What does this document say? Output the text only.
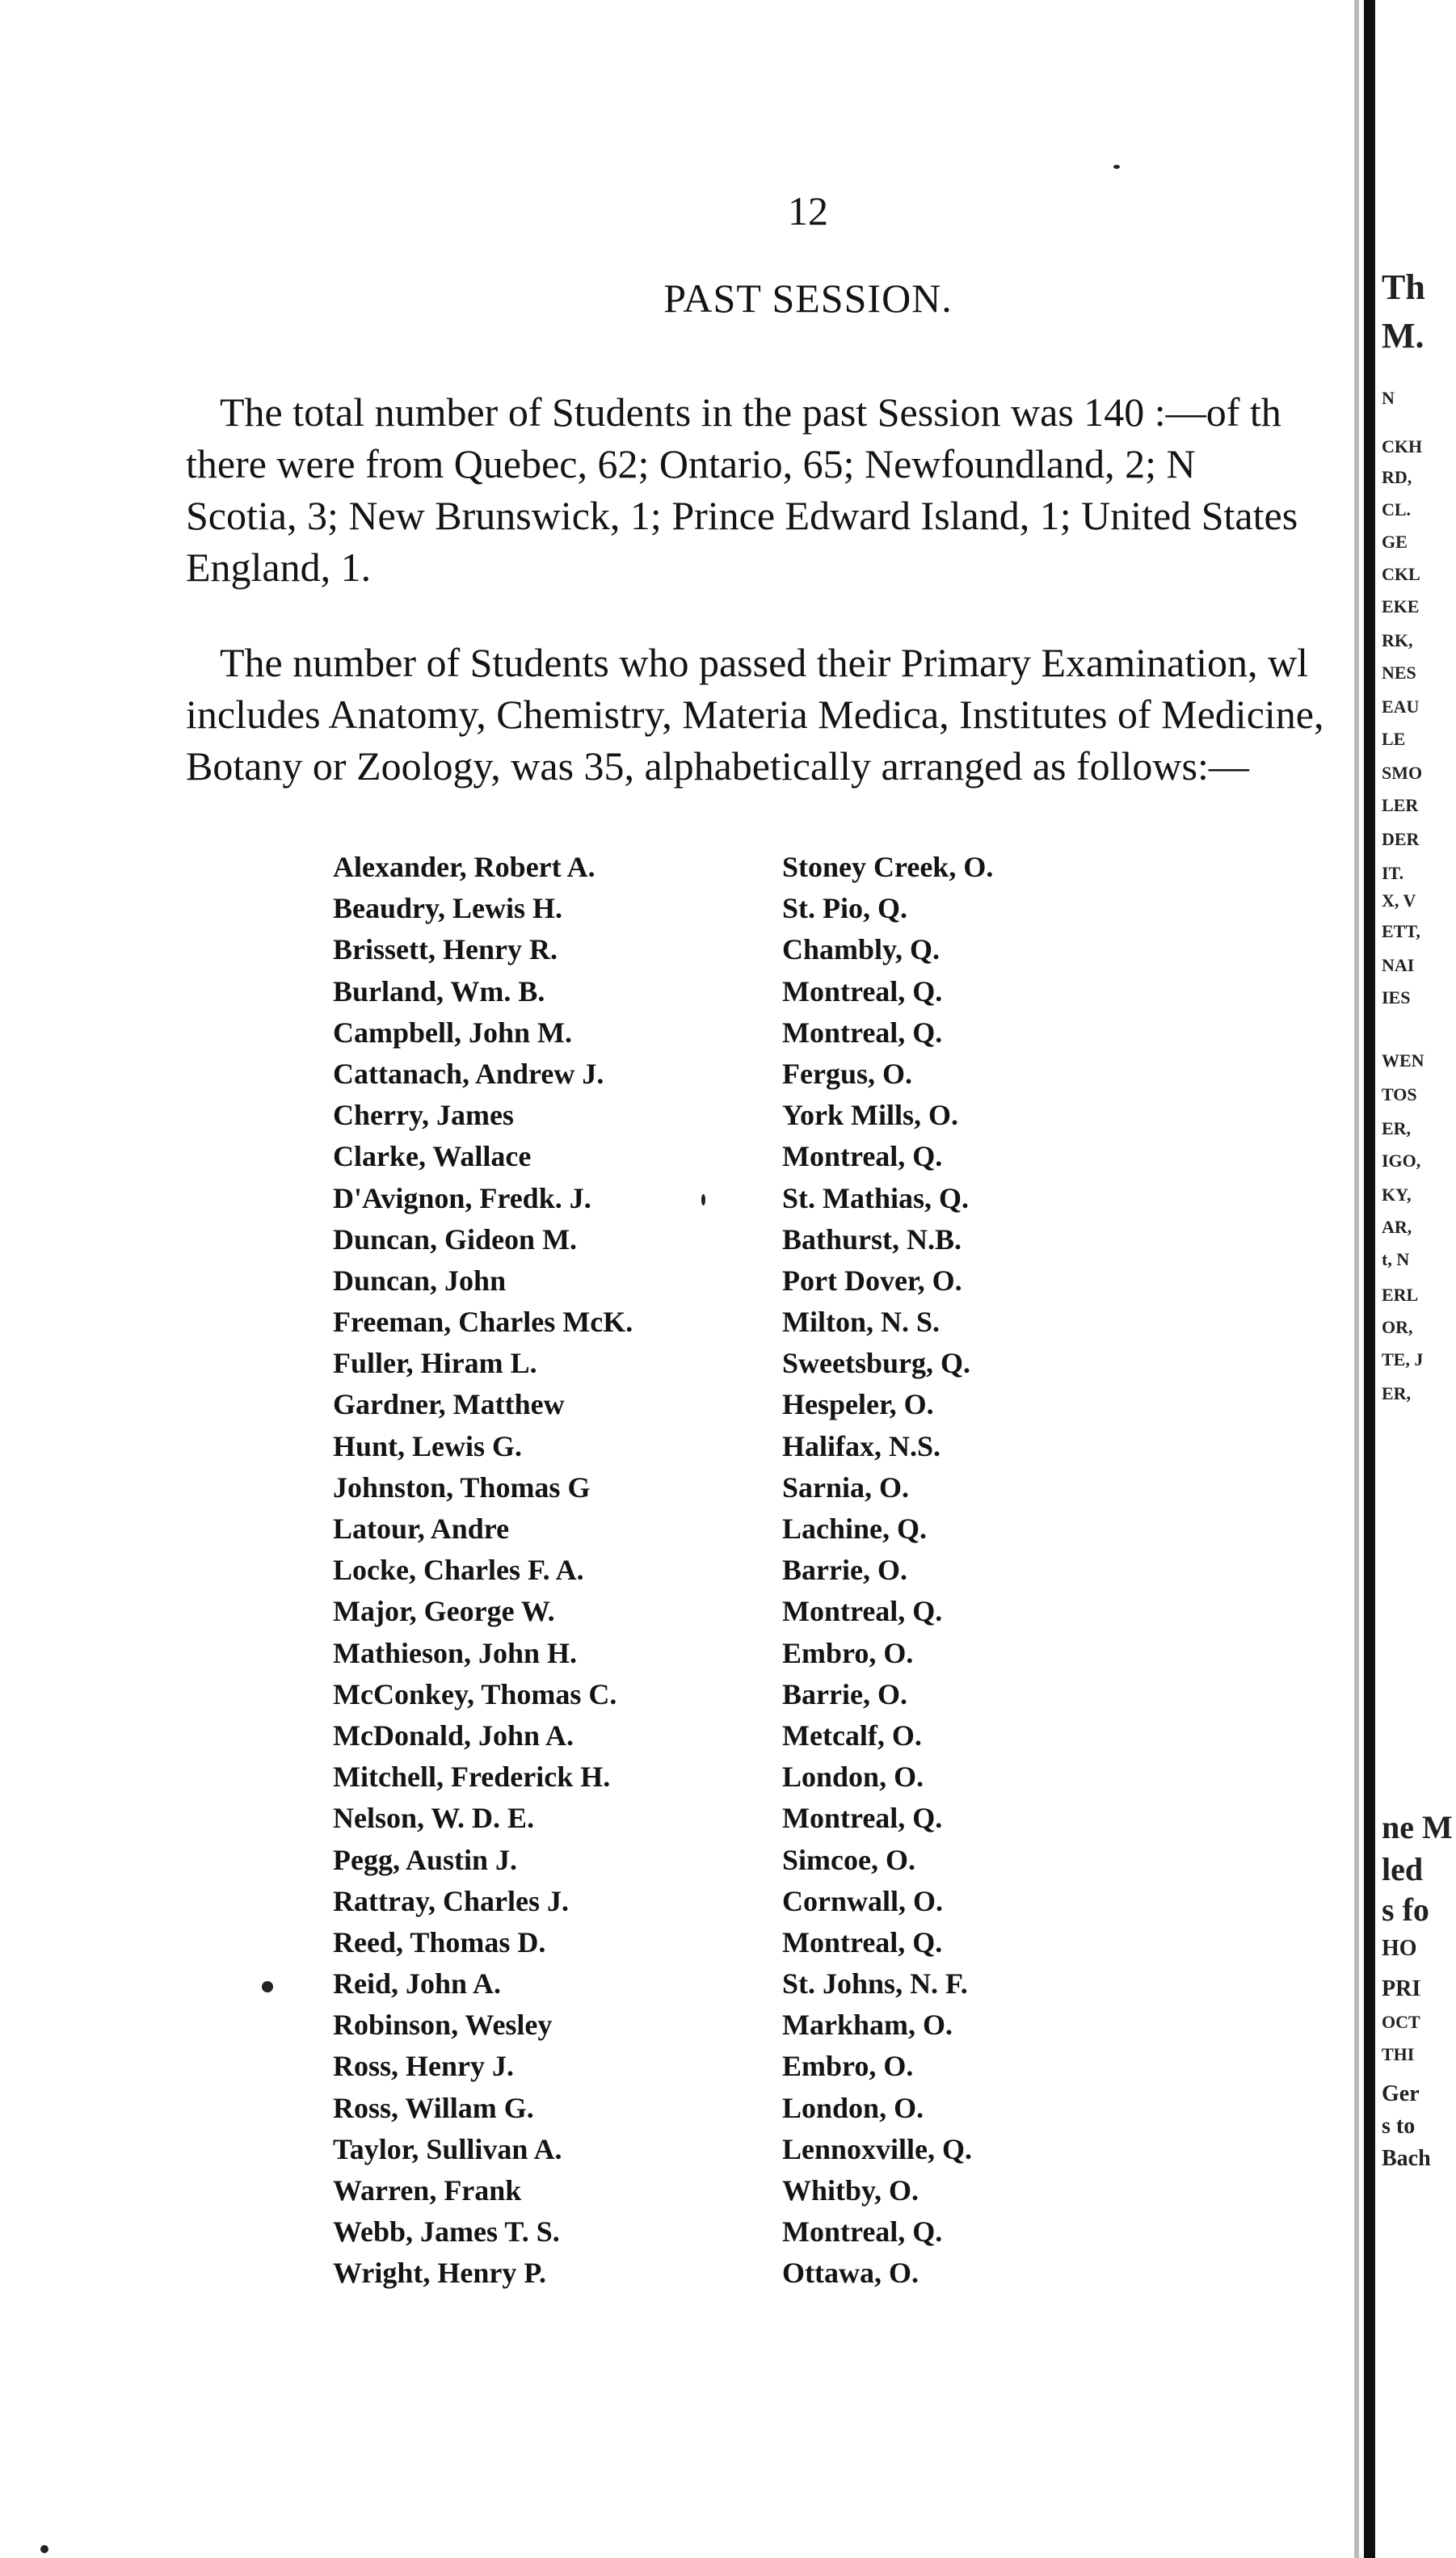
12
PAST SESSION.
The total number of Students in the past Session was 140 :—of th
there were from Quebec, 62; Ontario, 65; Newfoundland, 2; N
Scotia, 3; New Brunswick, 1; Prince Edward Island, 1; United States
England, 1.
The number of Students who passed their Primary Examination, wl
includes Anatomy, Chemistry, Materia Medica, Institutes of Medicine,
Botany or Zoology, was 35, alphabetically arranged as follows:—
Alexander, Robert A.	Stoney Creek, O.
Beaudry, Lewis H.	St. Pio, Q.
Brissett, Henry R.	Chambly, Q.
Burland, Wm. B.	Montreal, Q.
Campbell, John M.	Montreal, Q.
Cattanach, Andrew J.	Fergus, O.
Cherry, James	York Mills, O.
Clarke, Wallace	Montreal, Q.
D'Avignon, Fredk. J.	St. Mathias, Q.
Duncan, Gideon M.	Bathurst, N.B.
Duncan, John	Port Dover, O.
Freeman, Charles McK.	Milton, N. S.
Fuller, Hiram L.	Sweetsburg, Q.
Gardner, Matthew	Hespeler, O.
Hunt, Lewis G.	Halifax, N.S.
Johnston, Thomas G	Sarnia, O.
Latour, Andre	Lachine, Q.
Locke, Charles F. A.	Barrie, O.
Major, George W.	Montreal, Q.
Mathieson, John H.	Embro, O.
McConkey, Thomas C.	Barrie, O.
McDonald, John A.	Metcalf, O.
Mitchell, Frederick H.	London, O.
Nelson, W. D. E.	Montreal, Q.
Pegg, Austin J.	Simcoe, O.
Rattray, Charles J.	Cornwall, O.
Reed, Thomas D.	Montreal, Q.
Reid, John A.	St. Johns, N. F.
Robinson, Wesley	Markham, O.
Ross, Henry J.	Embro, O.
Ross, Willam G.	London, O.
Taylor, Sullivan A.	Lennoxville, Q.
Warren, Frank	Whitby, O.
Webb, James T. S.	Montreal, Q.
Wright, Henry P.	Ottawa, O.
Th
M.
N
CKH
RD,
CL.
GE
CKL
EKE
RK,
NES
EAU
LE
SMO
LER
DER
IT.
X, V
ETT,
NAI
IES
WEN
TOS
ER,
IGO,
KY,
AR,
t, N
ERL
OR,
TE, J
ER,
ne M
led
s fo
HO
PRI
OCT
THI
Ger
s to
Bach
